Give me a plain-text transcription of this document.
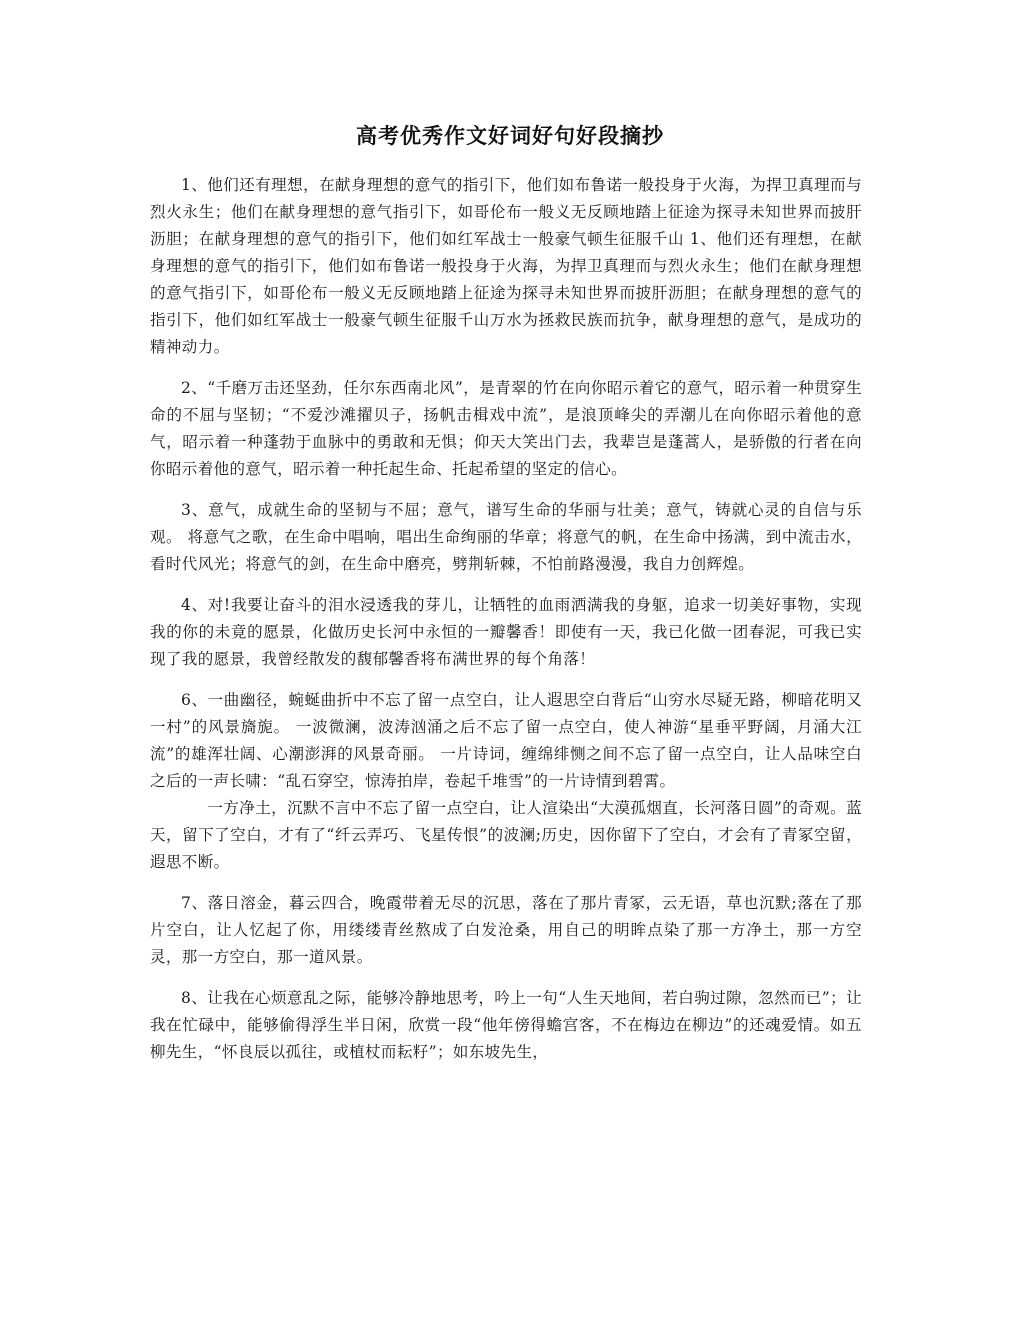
高考优秀作文好词好句好段摘抄

1、他们还有理想，在献身理想的意气的指引下，他们如布鲁诺一般投身于火海，为捍卫真理而与烈火永生；他们在献身理想的意气指引下，如哥伦布一般义无反顾地踏上征途为探寻未知世界而披肝沥胆；在献身理想的意气的指引下，他们如红军战士一般豪气顿生征服千山 1、他们还有理想，在献身理想的意气的指引下，他们如布鲁诺一般投身于火海，为捍卫真理而与烈火永生；他们在献身理想的意气指引下，如哥伦布一般义无反顾地踏上征途为探寻未知世界而披肝沥胆；在献身理想的意气的指引下，他们如红军战士一般豪气顿生征服千山万水为拯救民族而抗争，献身理想的意气，是成功的精神动力。

2、“千磨万击还坚劲，任尔东西南北风”，是青翠的竹在向你昭示着它的意气，昭示着一种贯穿生命的不屈与坚韧；“不爱沙滩擢贝子，扬帆击楫戏中流”，是浪顶峰尖的弄潮儿在向你昭示着他的意气，昭示着一种蓬勃于血脉中的勇敢和无惧；仰天大笑出门去，我辈岂是蓬蒿人，是骄傲的行者在向你昭示着他的意气，昭示着一种托起生命、托起希望的坚定的信心。

3、意气，成就生命的坚韧与不屈；意气，谱写生命的华丽与壮美；意气，铸就心灵的自信与乐观。 将意气之歌，在生命中唱响，唱出生命绚丽的华章；将意气的帆，在生命中扬满，到中流击水，看时代风光；将意气的剑，在生命中磨亮，劈荆斩棘，不怕前路漫漫，我自力创辉煌。

4、对!我要让奋斗的泪水浸透我的芽儿，让牺牲的血雨洒满我的身躯，追求一切美好事物，实现我的你的未竟的愿景，化做历史长河中永恒的一瓣馨香！即使有一天，我已化做一团春泥，可我已实现了我的愿景，我曾经散发的馥郁馨香将布满世界的每个角落！

6、一曲幽径，蜿蜒曲折中不忘了留一点空白，让人遐思空白背后“山穷水尽疑无路，柳暗花明又一村”的风景旖旎。 一波微澜，波涛汹涌之后不忘了留一点空白，使人神游“星垂平野阔，月涌大江流”的雄浑壮阔、心潮澎湃的风景奇丽。 一片诗词，缠绵绯恻之间不忘了留一点空白，让人品味空白之后的一声长啸：“乱石穿空，惊涛拍岸，卷起千堆雪”的一片诗情到碧霄。

一方净土，沉默不言中不忘了留一点空白，让人渲染出“大漠孤烟直，长河落日圆”的奇观。蓝天，留下了空白，才有了“纤云弄巧、飞星传恨”的波澜;历史，因你留下了空白，才会有了青冢空留，遐思不断。

7、落日溶金，暮云四合，晚霞带着无尽的沉思，落在了那片青冢，云无语，草也沉默;落在了那片空白，让人忆起了你，用缕缕青丝熬成了白发沧桑，用自己的明眸点染了那一方净土，那一方空灵，那一方空白，那一道风景。

8、让我在心烦意乱之际，能够冷静地思考，吟上一句“人生天地间，若白驹过隙，忽然而已”；让我在忙碌中，能够偷得浮生半日闲，欣赏一段“他年傍得蟾宫客，不在梅边在柳边”的还魂爱情。如五柳先生，“怀良辰以孤往，或植杖而耘籽”；如东坡先生，
